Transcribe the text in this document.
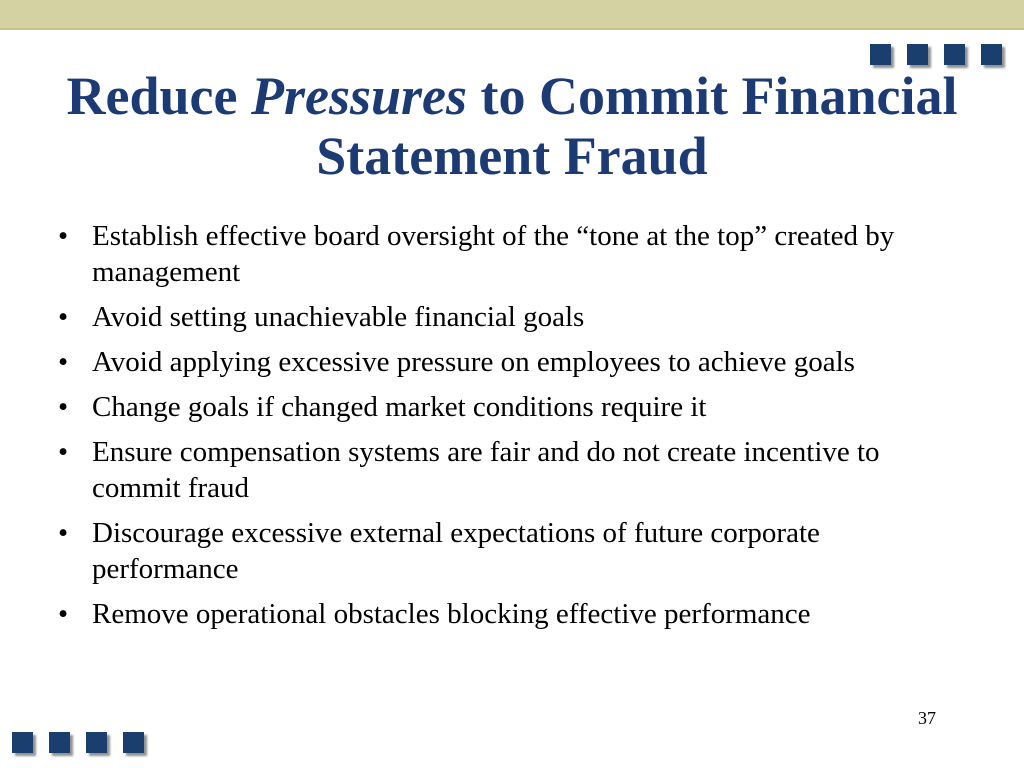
Reduce Pressures to Commit Financial Statement Fraud
• Establish effective board oversight of the “tone at the top” created by management
• Avoid setting unachievable financial goals
• Avoid applying excessive pressure on employees to achieve goals
• Change goals if changed market conditions require it
• Ensure compensation systems are fair and do not create incentive to commit fraud
• Discourage excessive external expectations of future corporate performance
• Remove operational obstacles blocking effective performance
37
